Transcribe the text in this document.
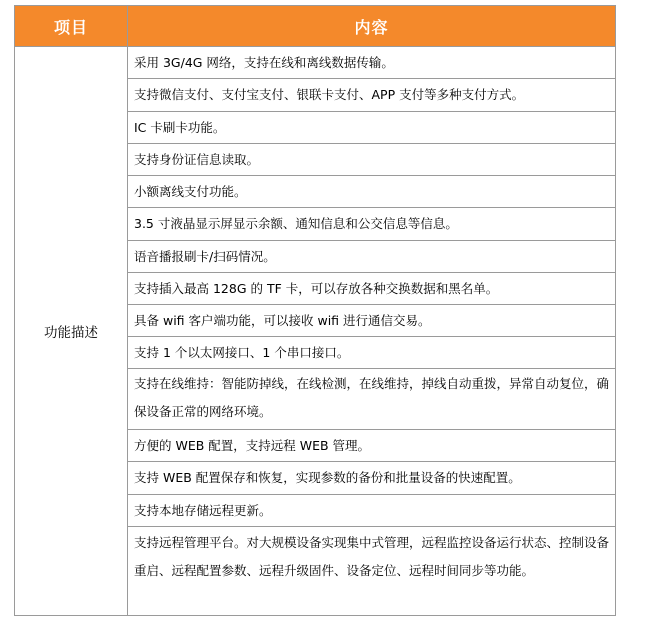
项目	内容
功能描述	采用 3G/4G 网络，支持在线和离线数据传输。
	支持微信支付、支付宝支付、银联卡支付、APP 支付等多种支付方式。
	IC 卡刷卡功能。
	支持身份证信息读取。
	小额离线支付功能。
	3.5 寸液晶显示屏显示余额、通知信息和公交信息等信息。
	语音播报刷卡/扫码情况。
	支持插入最高 128G 的 TF 卡，可以存放各种交换数据和黑名单。
	具备 wifi 客户端功能，可以接收 wifi 进行通信交易。
	支持 1 个以太网接口、1 个串口接口。
	支持在线维持：智能防掉线，在线检测，在线维持，掉线自动重拨，异常自动复位，确保设备正常的网络环境。
	方便的 WEB 配置，支持远程 WEB 管理。
	支持 WEB 配置保存和恢复，实现参数的备份和批量设备的快速配置。
	支持本地存储远程更新。
	支持远程管理平台。对大规模设备实现集中式管理，远程监控设备运行状态、控制设备重启、远程配置参数、远程升级固件、设备定位、远程时间同步等功能。
